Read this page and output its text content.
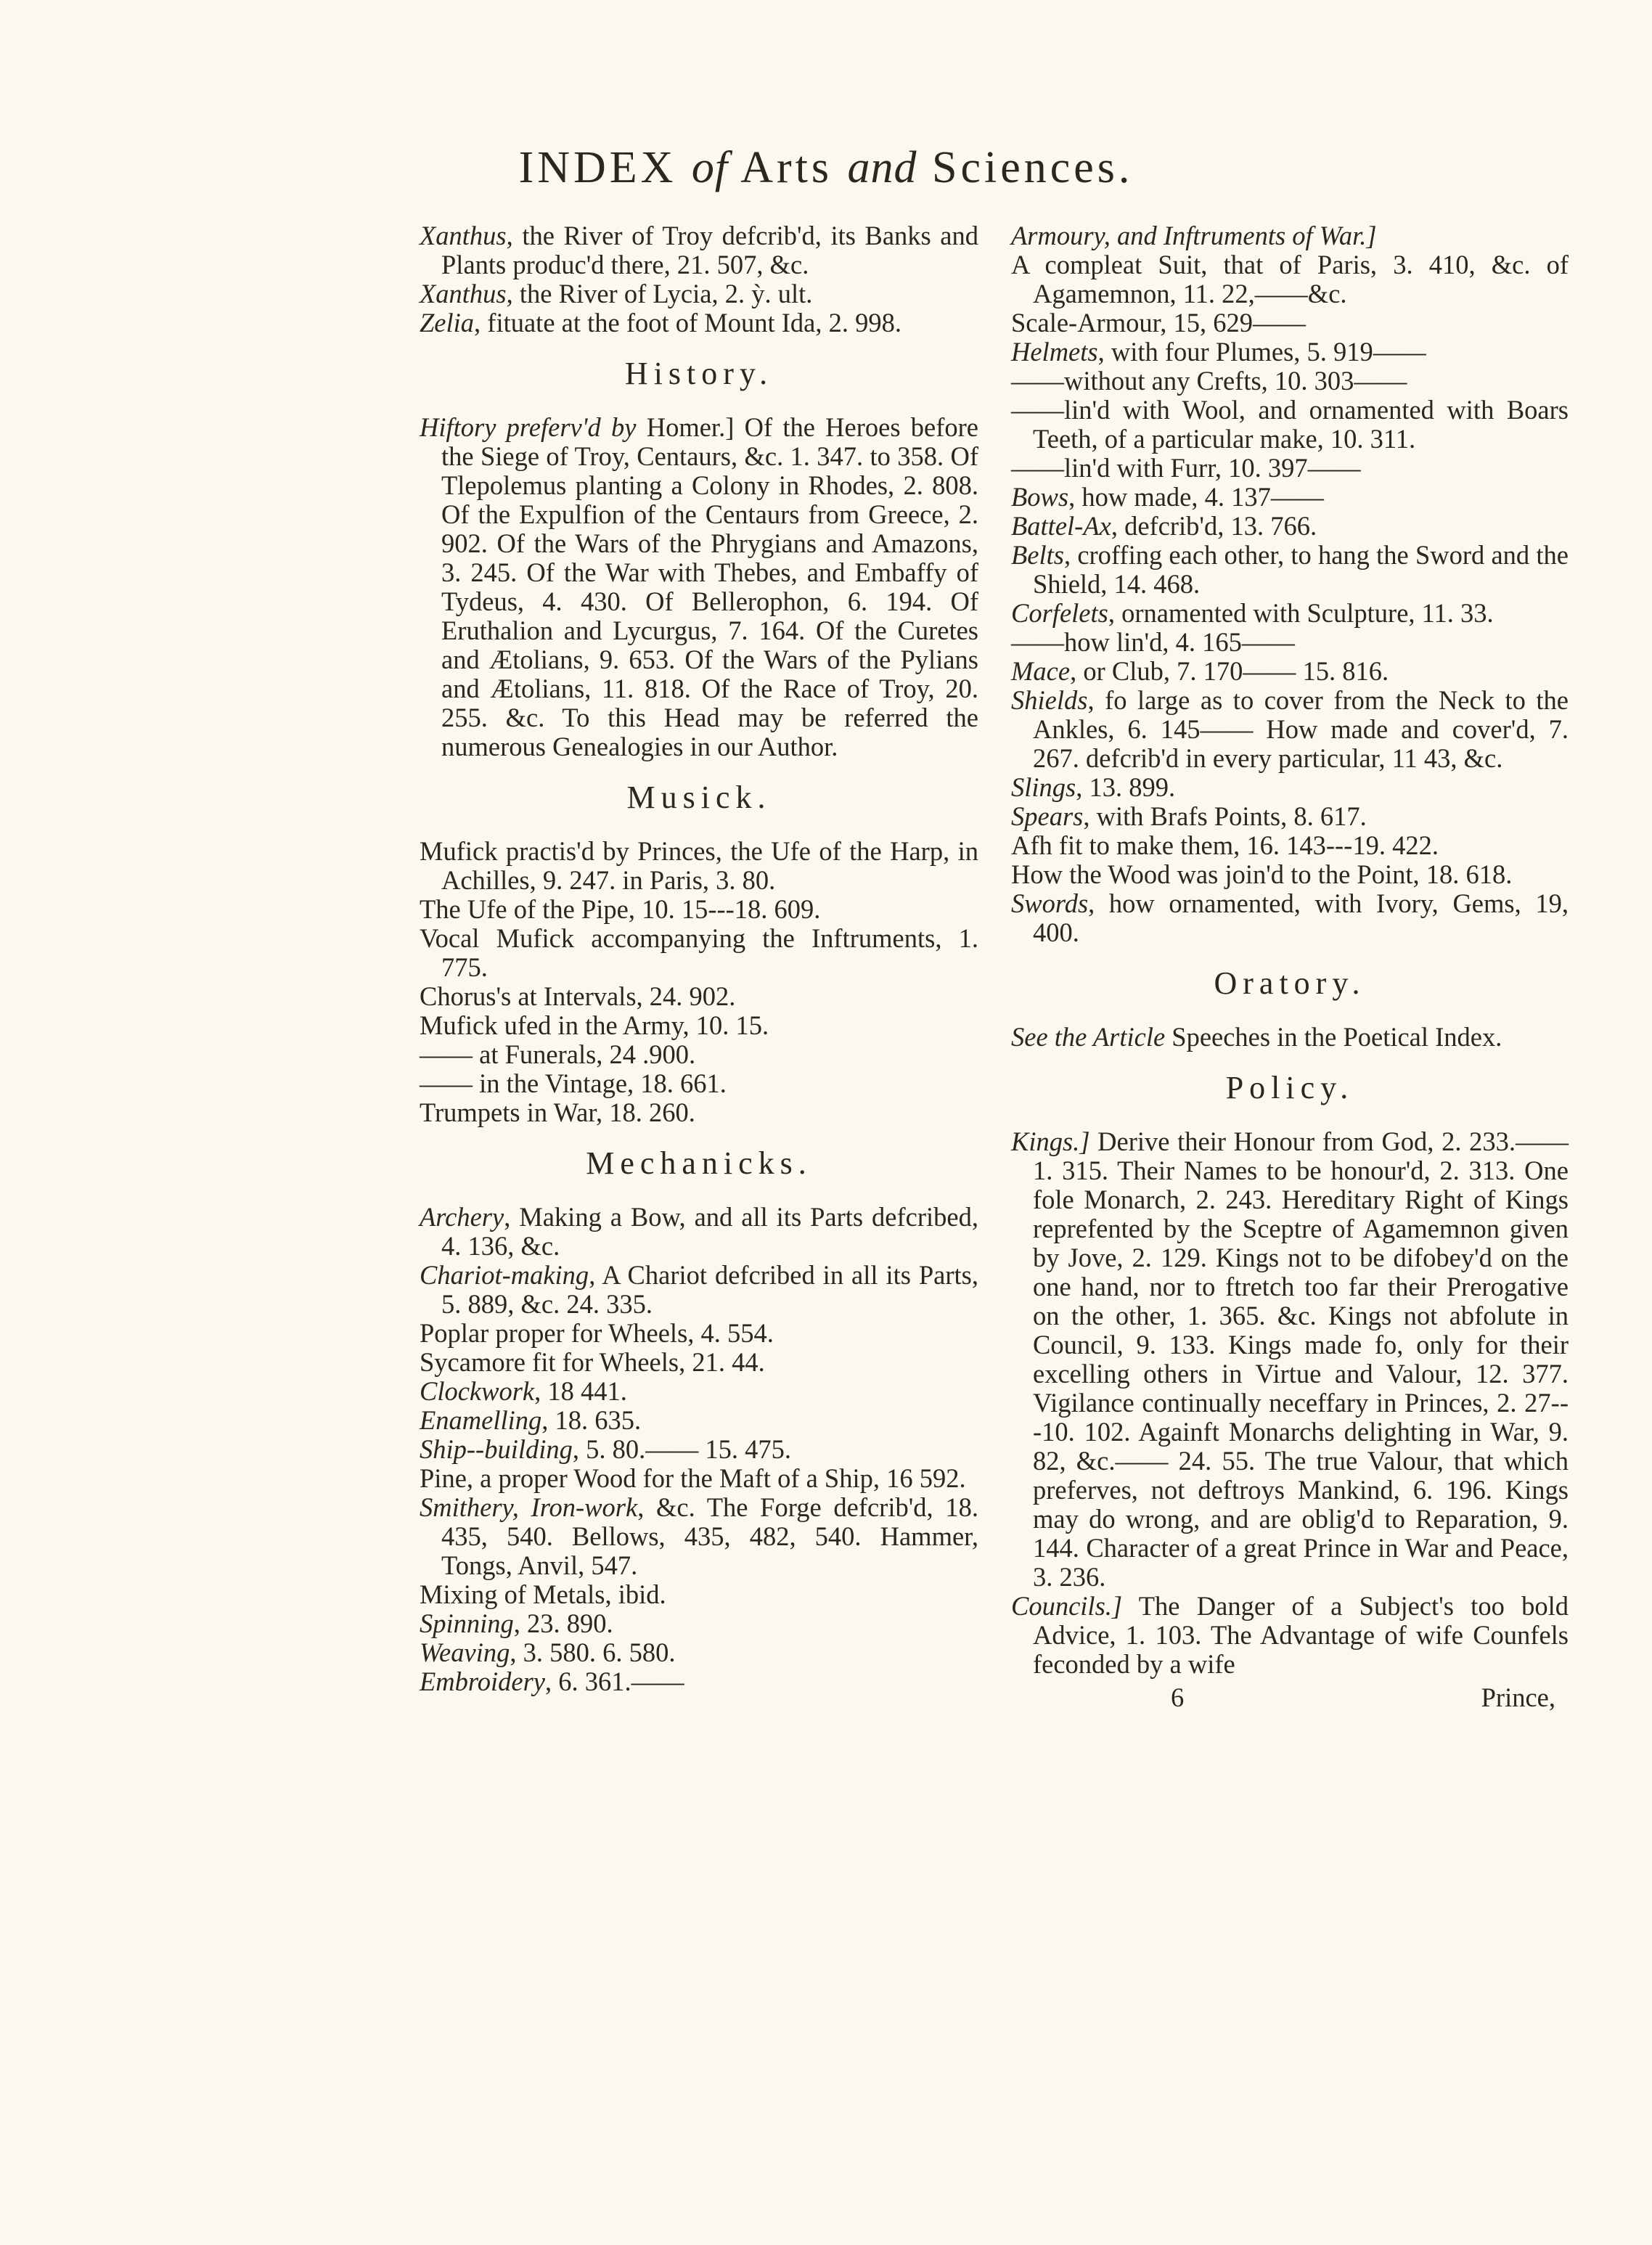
INDEX of Arts and Sciences.

Xanthus, the River of Troy defcrib'd, its Banks and Plants produc'd there, 21. 507, &c.

Xanthus, the River of Lycia, 2. ỳ. ult.

Zelia, fituate at the foot of Mount Ida, 2. 998.

History.

Hiftory preferv'd by Homer.] Of the Heroes before the Siege of Troy, Centaurs, &c. 1. 347. to 358. Of Tlepolemus planting a Colony in Rhodes, 2. 808. Of the Expulfion of the Centaurs from Greece, 2. 902. Of the Wars of the Phrygians and Amazons, 3. 245. Of the War with Thebes, and Embaffy of Tydeus, 4. 430. Of Bellerophon, 6. 194. Of Eruthalion and Lycurgus, 7. 164. Of the Curetes and Ætolians, 9. 653. Of the Wars of the Pylians and Ætolians, 11. 818. Of the Race of Troy, 20. 255. &c. To this Head may be referred the numerous Genealogies in our Author.

Musick.

Mufick practis'd by Princes, the Ufe of the Harp, in Achilles, 9. 247. in Paris, 3. 80.

The Ufe of the Pipe, 10. 15---18. 609.

Vocal Mufick accompanying the Inftruments, 1. 775.

Chorus's at Intervals, 24. 902.

Mufick ufed in the Army, 10. 15.

—— at Funerals, 24 .900.

—— in the Vintage, 18. 661.

Trumpets in War, 18. 260.

Mechanicks.

Archery, Making a Bow, and all its Parts defcribed, 4. 136, &c.

Chariot-making, A Chariot defcribed in all its Parts, 5. 889, &c. 24. 335.

Poplar proper for Wheels, 4. 554.

Sycamore fit for Wheels, 21. 44.

Clockwork, 18 441.

Enamelling, 18. 635.

Ship--building, 5. 80.—— 15. 475.

Pine, a proper Wood for the Maft of a Ship, 16 592.

Smithery, Iron-work, &c. The Forge defcrib'd, 18. 435, 540. Bellows, 435, 482, 540. Hammer, Tongs, Anvil, 547.

Mixing of Metals, ibid.

Spinning, 23. 890.

Weaving, 3. 580. 6. 580.

Embroidery, 6. 361.——

Armoury, and Inftruments of War.]

A compleat Suit, that of Paris, 3. 410, &c. of Agamemnon, 11. 22,——&c.

Scale-Armour, 15, 629——

Helmets, with four Plumes, 5. 919——

——without any Crefts, 10. 303——

——lin'd with Wool, and ornamented with Boars Teeth, of a particular make, 10. 311.

——lin'd with Furr, 10. 397——

Bows, how made, 4. 137——

Battel-Ax, defcrib'd, 13. 766.

Belts, croffing each other, to hang the Sword and the Shield, 14. 468.

Corfelets, ornamented with Sculpture, 11. 33.

——how lin'd, 4. 165——

Mace, or Club, 7. 170—— 15. 816.

Shields, fo large as to cover from the Neck to the Ankles, 6. 145—— How made and cover'd, 7. 267. defcrib'd in every particular, 11 43, &c.

Slings, 13. 899.

Spears, with Brafs Points, 8. 617.

Afh fit to make them, 16. 143---19. 422.

How the Wood was join'd to the Point, 18. 618.

Swords, how ornamented, with Ivory, Gems, 19, 400.

Oratory.

See the Article Speeches in the Poetical Index.

Policy.

Kings.] Derive their Honour from God, 2. 233.—— 1. 315. Their Names to be honour'd, 2. 313. One fole Monarch, 2. 243. Hereditary Right of Kings reprefented by the Sceptre of Agamemnon given by Jove, 2. 129. Kings not to be difobey'd on the one hand, nor to ftretch too far their Prerogative on the other, 1. 365. &c. Kings not abfolute in Council, 9. 133. Kings made fo, only for their excelling others in Virtue and Valour, 12. 377. Vigilance continually neceffary in Princes, 2. 27---10. 102. Againft Monarchs delighting in War, 9. 82, &c.—— 24. 55. The true Valour, that which preferves, not deftroys Mankind, 6. 196. Kings may do wrong, and are oblig'd to Reparation, 9. 144. Character of a great Prince in War and Peace, 3. 236.

Councils.] The Danger of a Subject's too bold Advice, 1. 103. The Advantage of wife Counfels feconded by a wife

6	Prince,
